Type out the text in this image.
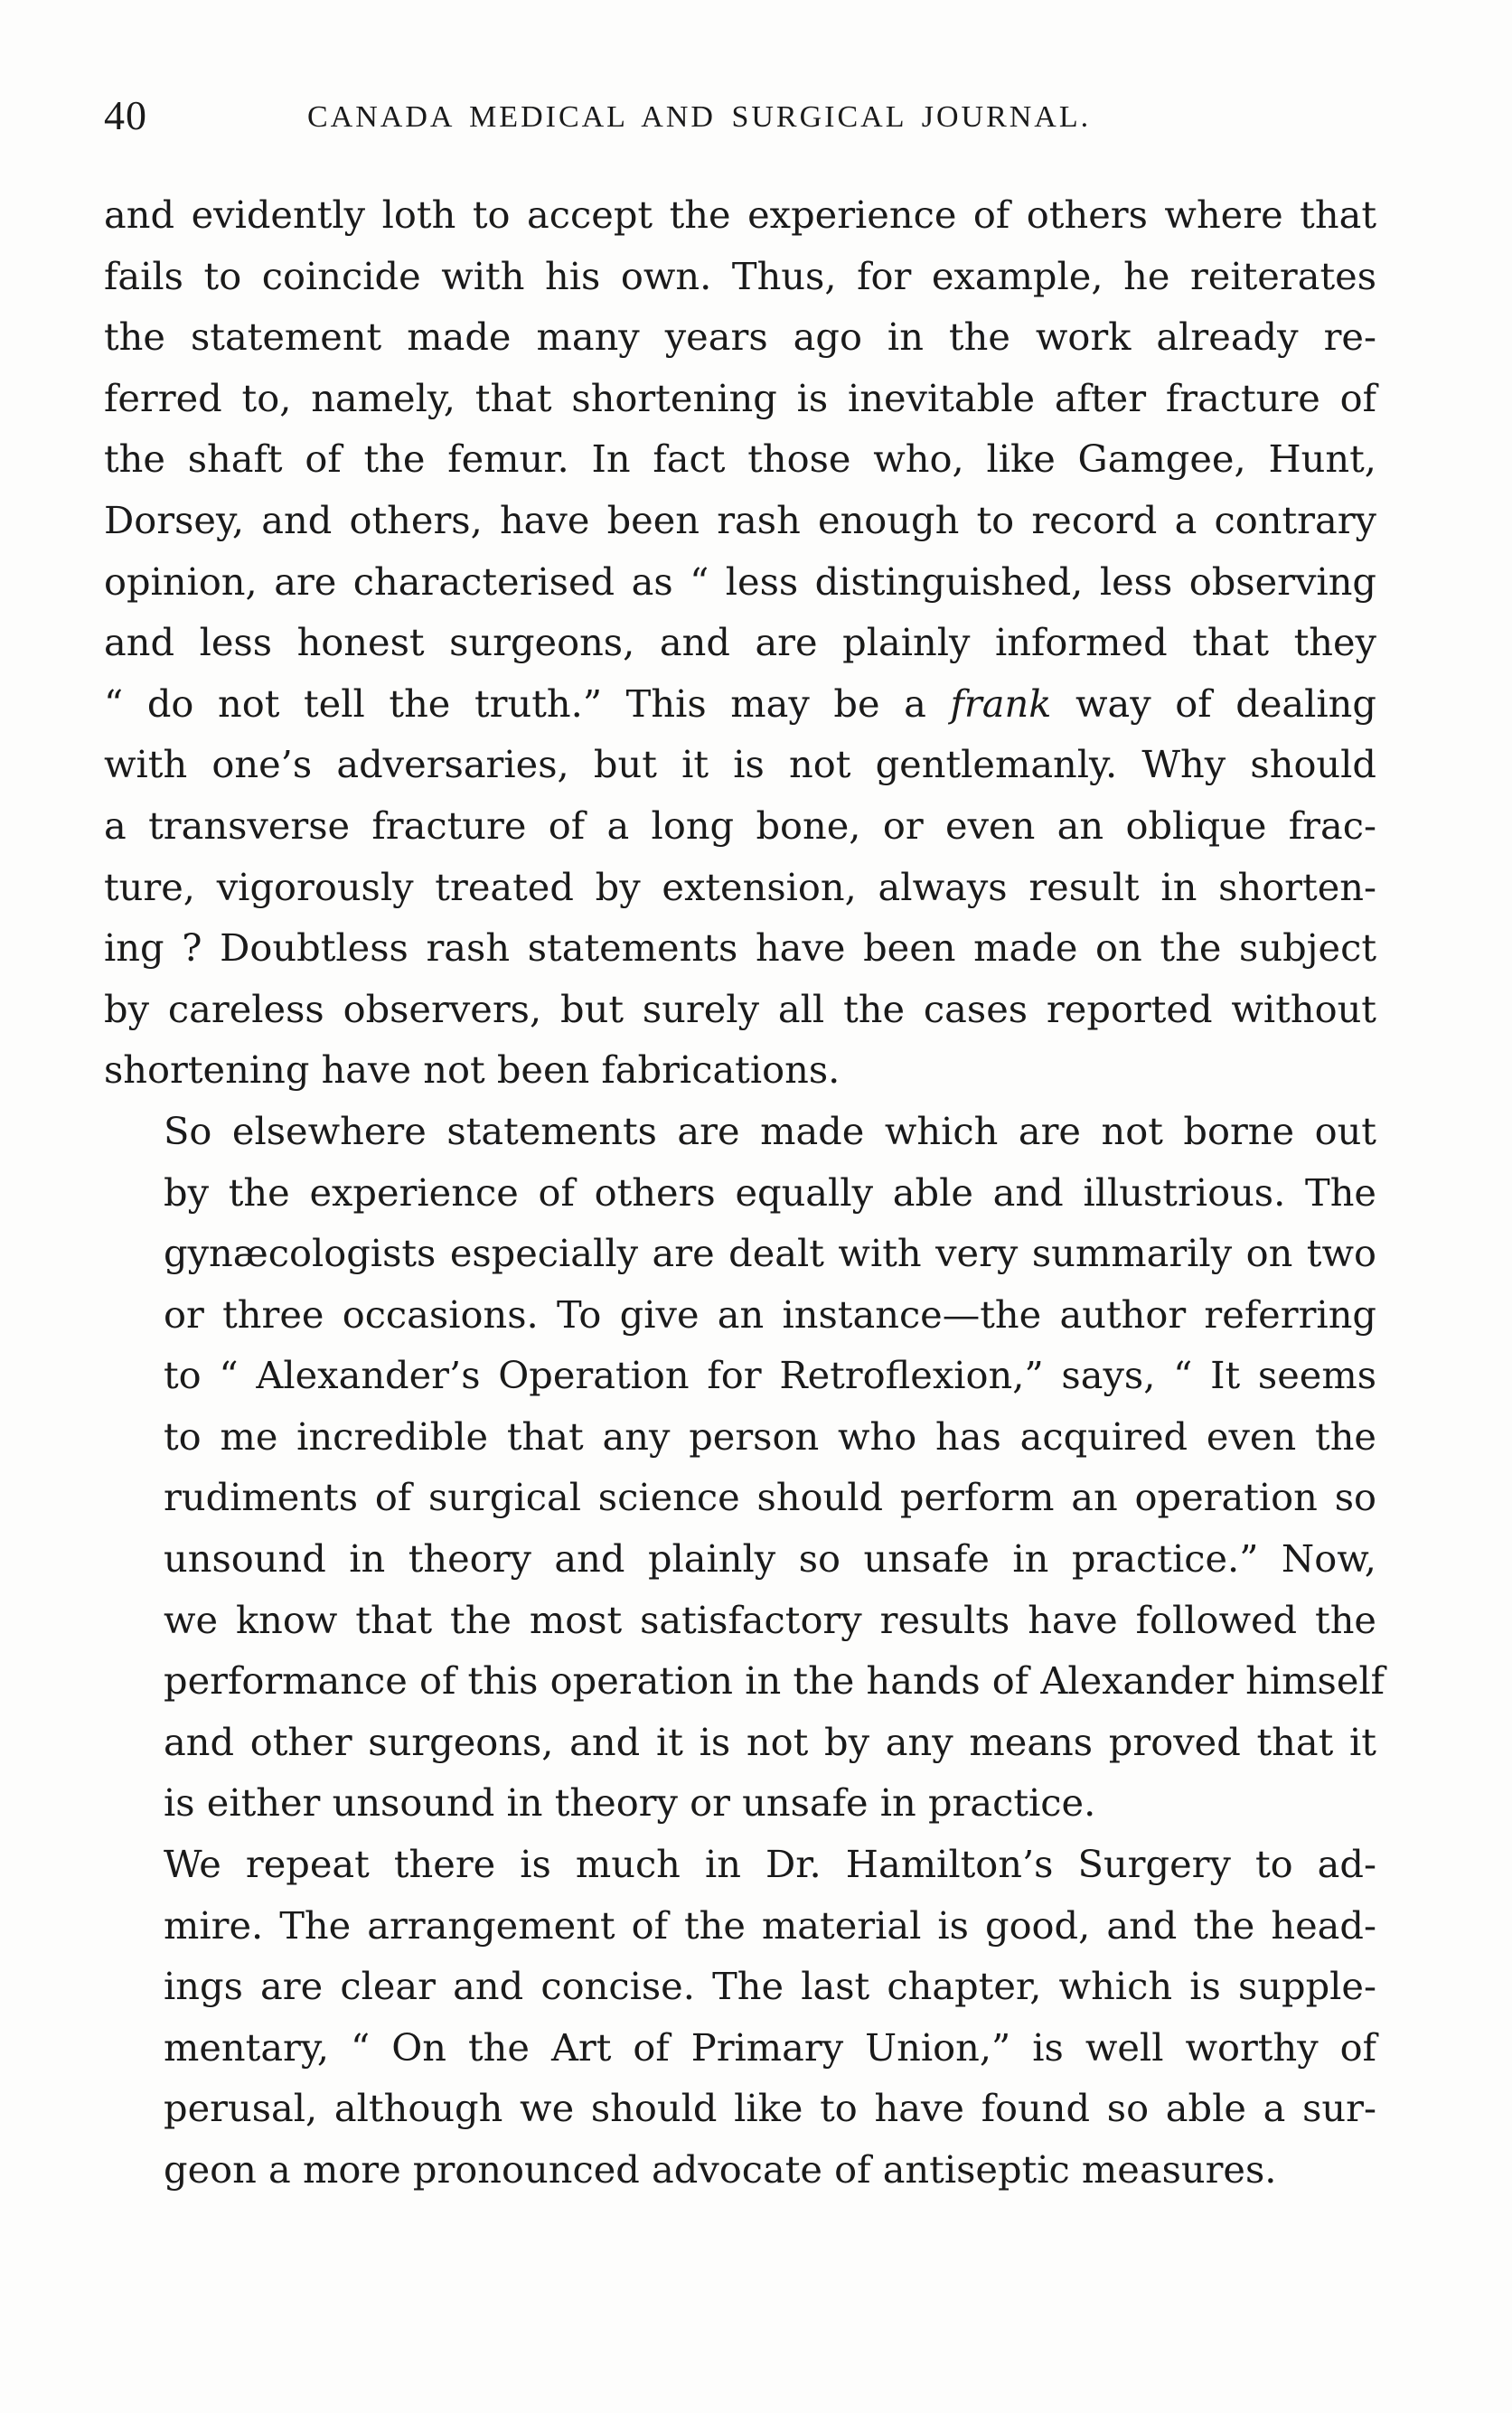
40	CANADA MEDICAL AND SURGICAL JOURNAL.

and evidently loth to accept the experience of others where that
fails to coincide with his own. Thus, for example, he reiterates
the statement made many years ago in the work already re-
ferred to, namely, that shortening is inevitable after fracture of
the shaft of the femur. In fact those who, like Gamgee, Hunt,
Dorsey, and others, have been rash enough to record a contrary
opinion, are characterised as “ less distinguished, less observing
and less honest surgeons, and are plainly informed that they
“ do not tell the truth.” This may be a frank way of dealing
with one’s adversaries, but it is not gentlemanly. Why should
a transverse fracture of a long bone, or even an oblique frac-
ture, vigorously treated by extension, always result in shorten-
ing ? Doubtless rash statements have been made on the subject
by careless observers, but surely all the cases reported without
shortening have not been fabrications.

So elsewhere statements are made which are not borne out
by the experience of others equally able and illustrious. The
gynæcologists especially are dealt with very summarily on two
or three occasions. To give an instance—the author referring
to “ Alexander’s Operation for Retroflexion,” says, “ It seems
to me incredible that any person who has acquired even the
rudiments of surgical science should perform an operation so
unsound in theory and plainly so unsafe in practice.” Now,
we know that the most satisfactory results have followed the
performance of this operation in the hands of Alexander himself
and other surgeons, and it is not by any means proved that it
is either unsound in theory or unsafe in practice.

We repeat there is much in Dr. Hamilton’s Surgery to ad-
mire. The arrangement of the material is good, and the head-
ings are clear and concise. The last chapter, which is supple-
mentary, “ On the Art of Primary Union,” is well worthy of
perusal, although we should like to have found so able a sur-
geon a more pronounced advocate of antiseptic measures.
